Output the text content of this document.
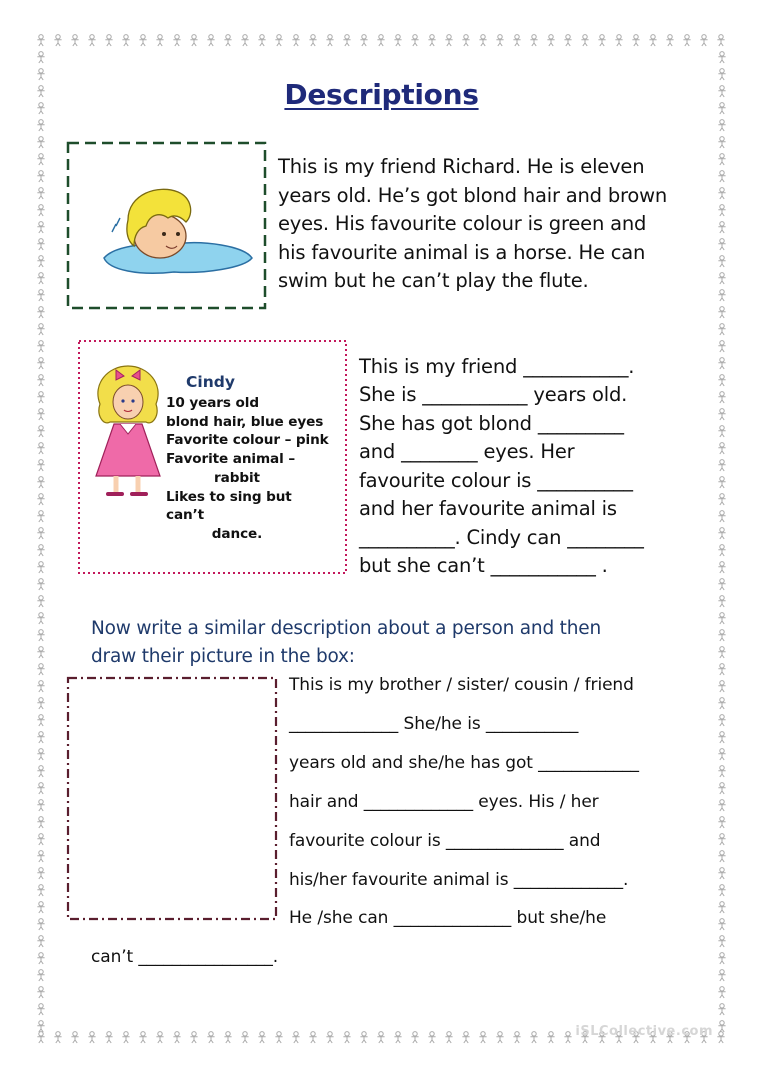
Descriptions
This is my friend Richard. He is eleven
years old. He’s got blond hair and brown
eyes. His favourite colour is green and
his favourite animal is a horse. He can
swim but he can’t play the flute.
Cindy
10 years old
blond hair, blue eyes
Favorite colour – pink
Favorite animal –
rabbit
Likes to sing but can’t
dance.
This is my friend ___________.
She is ___________ years old.
She has got blond _________
and ________ eyes. Her
favourite colour is __________
and her favourite animal is
__________. Cindy can ________
but she can’t ___________ .
Now write a similar description about a person and then
draw their picture in the box:
This is my brother / sister/ cousin / friend
_____________ She/he is ___________
years old and she/he has got ____________
hair and _____________ eyes. His / her
favourite colour is ______________ and
his/her favourite animal is _____________.
He /she can ______________ but she/he
can’t ________________.
iSLCollective.com
